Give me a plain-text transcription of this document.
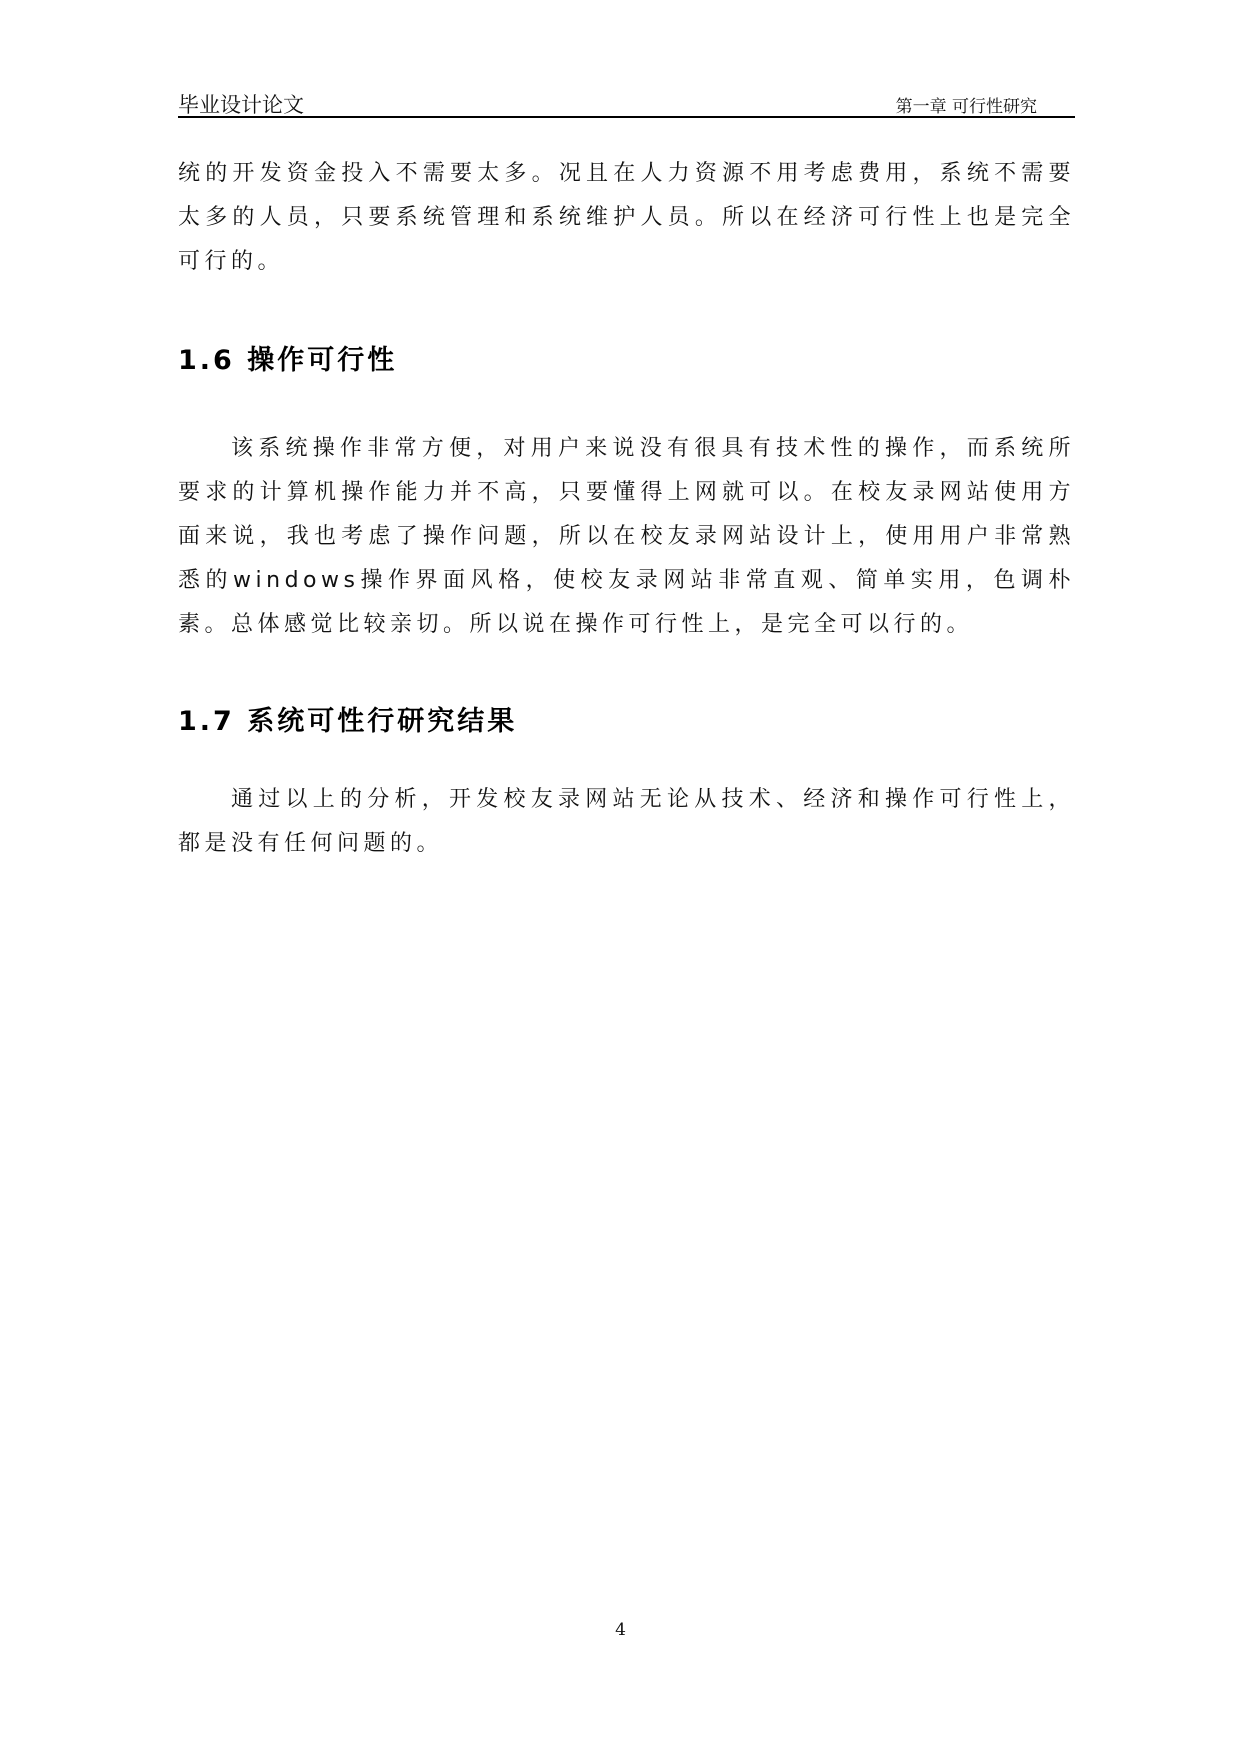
毕业设计论文	第一章 可行性研究

统的开发资金投入不需要太多。况且在人力资源不用考虑费用，系统不需要太多的人员，只要系统管理和系统维护人员。所以在经济可行性上也是完全可行的。

1.6 操作可行性

该系统操作非常方便，对用户来说没有很具有技术性的操作，而系统所要求的计算机操作能力并不高，只要懂得上网就可以。在校友录网站使用方面来说，我也考虑了操作问题，所以在校友录网站设计上，使用用户非常熟悉的windows操作界面风格，使校友录网站非常直观、简单实用，色调朴素。总体感觉比较亲切。所以说在操作可行性上，是完全可以行的。

1.7 系统可性行研究结果

通过以上的分析，开发校友录网站无论从技术、经济和操作可行性上，都是没有任何问题的。

4
